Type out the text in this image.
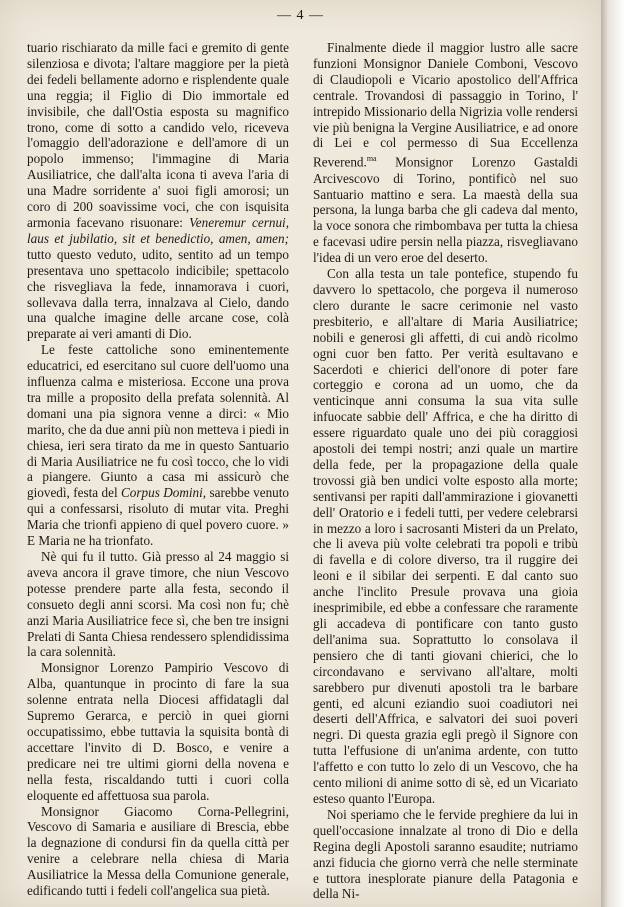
— 4 —

tuario rischiarato da mille faci e gremito di gente silenziosa e divota; l'altare maggiore per la pietà dei fedeli bellamente adorno e risplendente quale una reggia; il Figlio di Dio immortale ed invisibile, che dall'Ostia esposta su magnifico trono, come di sotto a candido velo, riceveva l'omaggio dell'adorazione e dell'amore di un popolo immenso; l'immagine di Maria Ausiliatrice, che dall'alta icona ti aveva l'aria di una Madre sorridente a' suoi figli amorosi; un coro di 200 soavissime voci, che con isquisita armonia facevano risuonare: Veneremur cernui, laus et jubilatio, sit et benedictio, amen, amen; tutto questo veduto, udito, sentito ad un tempo presentava uno spettacolo indicibile; spettacolo che risvegliava la fede, innamorava i cuori, sollevava dalla terra, innalzava al Cielo, dando una qualche imagine delle arcane cose, colà preparate ai veri amanti di Dio.

Le feste cattoliche sono eminentemente educatrici, ed esercitano sul cuore dell'uomo una influenza calma e misteriosa. Eccone una prova tra mille a proposito della prefata solennità. Al domani una pia signora venne a dirci: « Mio marito, che da due anni più non metteva i piedi in chiesa, ieri sera tirato da me in questo Santuario di Maria Ausiliatrice ne fu così tocco, che lo vidi a piangere. Giunto a casa mi assicurò che giovedì, festa del Corpus Domini, sarebbe venuto qui a confessarsi, risoluto di mutar vita. Preghi Maria che trionfi appieno di quel povero cuore. » E Maria ne ha trionfato.

Nè qui fu il tutto. Già presso al 24 maggio si aveva ancora il grave timore, che niun Vescovo potesse prendere parte alla festa, secondo il consueto degli anni scorsi. Ma così non fu; chè anzi Maria Ausiliatrice fece sì, che ben tre insigni Prelati di Santa Chiesa rendessero splendidissima la cara solennità.

Monsignor Lorenzo Pampirio Vescovo di Alba, quantunque in procinto di fare la sua solenne entrata nella Diocesi affidatagli dal Supremo Gerarca, e perciò in quei giorni occupatissimo, ebbe tuttavia la squisita bontà di accettare l'invito di D. Bosco, e venire a predicare nei tre ultimi giorni della novena e nella festa, riscaldando tutti i cuori colla eloquente ed affettuosa sua parola.

Monsignor Giacomo Corna-Pellegrini, Vescovo di Samaria e ausiliare di Brescia, ebbe la degnazione di condursi fin da quella città per venire a celebrare nella chiesa di Maria Ausiliatrice la Messa della Comunione generale, edificando tutti i fedeli coll'angelica sua pietà.

Finalmente diede il maggior lustro alle sacre funzioni Monsignor Daniele Comboni, Vescovo di Claudiopoli e Vicario apostolico dell'Affrica centrale. Trovandosi di passaggio in Torino, l' intrepido Missionario della Nigrizia volle rendersi vie più benigna la Vergine Ausiliatrice, e ad onore di Lei e col permesso di Sua Eccellenza Reverend.$^{ma}$ Monsignor Lorenzo Gastaldi Arcivescovo di Torino, pontificò nel suo Santuario mattino e sera. La maestà della sua persona, la lunga barba che gli cadeva dal mento, la voce sonora che rimbombava per tutta la chiesa e facevasi udire persin nella piazza, risvegliavano l'idea di un vero eroe del deserto.

Con alla testa un tale pontefice, stupendo fu davvero lo spettacolo, che porgeva il numeroso clero durante le sacre cerimonie nel vasto presbiterio, e all'altare di Maria Ausiliatrice; nobili e generosi gli affetti, di cui andò ricolmo ogni cuor ben fatto. Per verità esultavano e Sacerdoti e chierici dell'onore di poter fare corteggio e corona ad un uomo, che da venticinque anni consuma la sua vita sulle infuocate sabbie dell' Affrica, e che ha diritto di essere riguardato quale uno dei più coraggiosi apostoli dei tempi nostri; anzi quale un martire della fede, per la propagazione della quale trovossi già ben undici volte esposto alla morte; sentivansi per rapiti dall'ammirazione i giovanetti dell' Oratorio e i fedeli tutti, per vedere celebrarsi in mezzo a loro i sacrosanti Misteri da un Prelato, che li aveva più volte celebrati tra popoli e tribù di favella e di colore diverso, tra il ruggire dei leoni e il sibilar dei serpenti. E dal canto suo anche l'inclito Presule provava una gioia inesprimibile, ed ebbe a confessare che raramente gli accadeva di pontificare con tanto gusto dell'anima sua. Soprattutto lo consolava il pensiero che di tanti giovani chierici, che lo circondavano e servivano all'altare, molti sarebbero pur divenuti apostoli tra le barbare genti, ed alcuni eziandio suoi coadiutori nei deserti dell'Affrica, e salvatori dei suoi poveri negri. Di questa grazia egli pregò il Signore con tutta l'effusione di un'anima ardente, con tutto l'affetto e con tutto lo zelo di un Vescovo, che ha cento milioni di anime sotto di sè, ed un Vicariato esteso quanto l'Europa.

Noi speriamo che le fervide preghiere da lui in quell'occasione innalzate al trono di Dio e della Regina degli Apostoli saranno esaudite; nutriamo anzi fiducia che giorno verrà che nelle sterminate e tuttora inesplorate pianure della Patagonia e della Ni-
